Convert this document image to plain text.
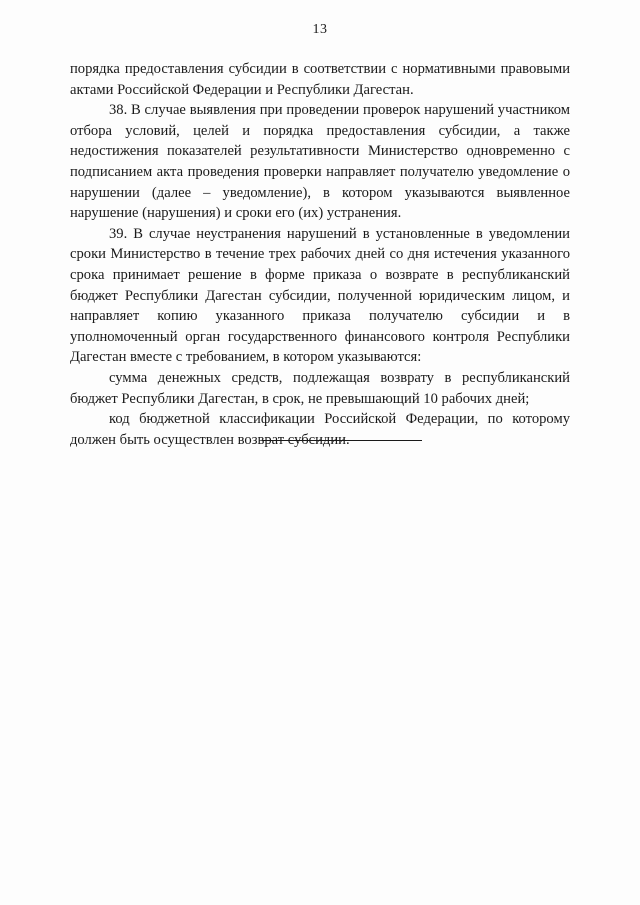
13

порядка предоставления субсидии в соответствии с нормативными правовыми актами Российской Федерации и Республики Дагестан.

38. В случае выявления при проведении проверок нарушений участником отбора условий, целей и порядка предоставления субсидии, а также недостижения показателей результативности Министерство одновременно с подписанием акта проведения проверки направляет получателю уведомление о нарушении (далее – уведомление), в котором указываются выявленное нарушение (нарушения) и сроки его (их) устранения.

39. В случае неустранения нарушений в установленные в уведомлении сроки Министерство в течение трех рабочих дней со дня истечения указанного срока принимает решение в форме приказа о возврате в республиканский бюджет Республики Дагестан субсидии, полученной юридическим лицом, и направляет копию указанного приказа получателю субсидии и в уполномоченный орган государственного финансового контроля Республики Дагестан вместе с требованием, в котором указываются:

сумма денежных средств, подлежащая возврату в республиканский бюджет Республики Дагестан, в срок, не превышающий 10 рабочих дней;

код бюджетной классификации Российской Федерации, по которому должен быть осуществлен возврат субсидии.
